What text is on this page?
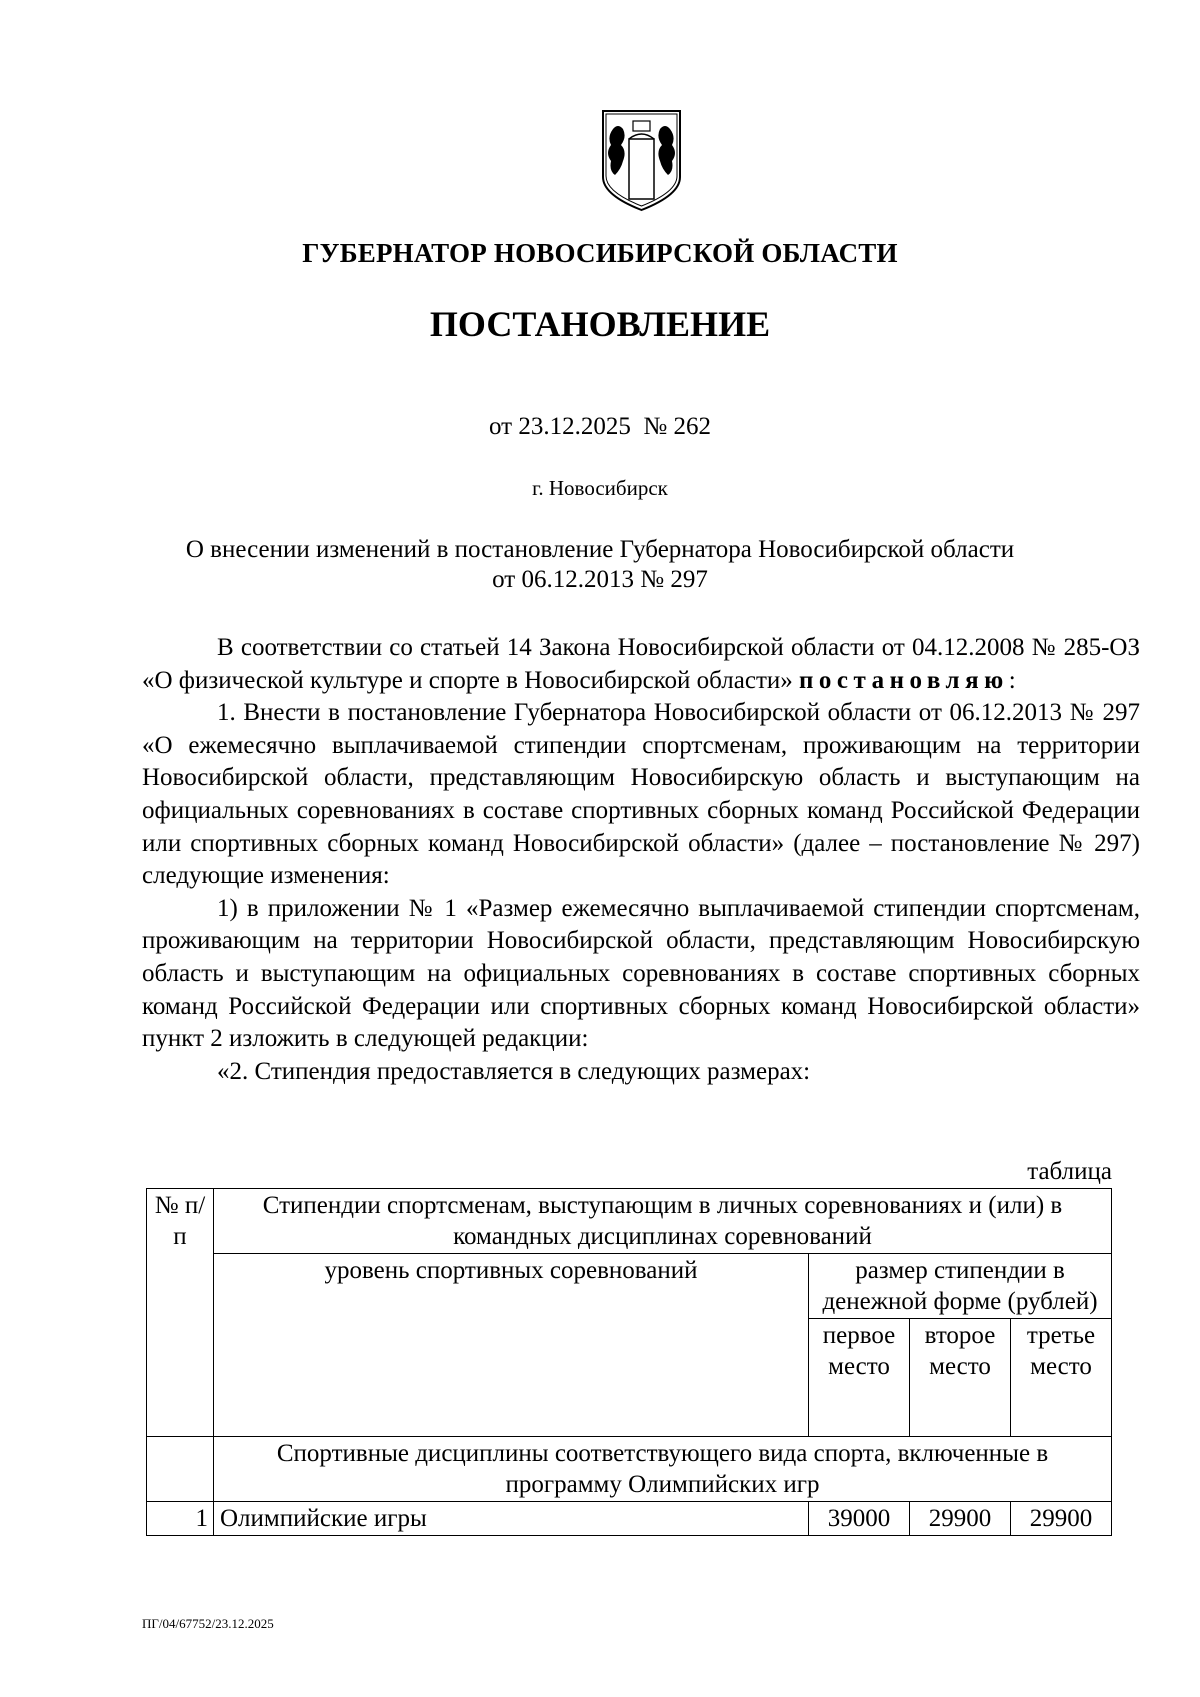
ГУБЕРНАТОР НОВОСИБИРСКОЙ ОБЛАСТИ

ПОСТАНОВЛЕНИЕ

от 23.12.2025  № 262

г. Новосибирск

О внесении изменений в постановление Губернатора Новосибирской области
от 06.12.2013 № 297

В соответствии со статьей 14 Закона Новосибирской области от 04.12.2008 № 285-ОЗ «О физической культуре и спорте в Новосибирской области» постановляю:

1. Внести в постановление Губернатора Новосибирской области от 06.12.2013 № 297 «О ежемесячно выплачиваемой стипендии спортсменам, проживающим на территории Новосибирской области, представляющим Новосибирскую область и выступающим на официальных соревнованиях в составе спортивных сборных команд Российской Федерации или спортивных сборных команд Новосибирской области» (далее – постановление № 297) следующие изменения:

1) в приложении № 1 «Размер ежемесячно выплачиваемой стипендии спортсменам, проживающим на территории Новосибирской области, представляющим Новосибирскую область и выступающим на официальных соревнованиях в составе спортивных сборных команд Российской Федерации или спортивных сборных команд Новосибирской области» пункт 2 изложить в следующей редакции:

«2. Стипендия предоставляется в следующих размерах:

таблица

№ п/п	Стипендии спортсменам, выступающим в личных соревнованиях и (или) в командных дисциплинах соревнований			
	уровень спортивных соревнований	размер стипендии в денежной форме (рублей)		
		первое место	второе место	третье место
	Спортивные дисциплины соответствующего вида спорта, включенные в программу Олимпийских игр			
1	Олимпийские игры	39000	29900	29900

ПГ/04/67752/23.12.2025
